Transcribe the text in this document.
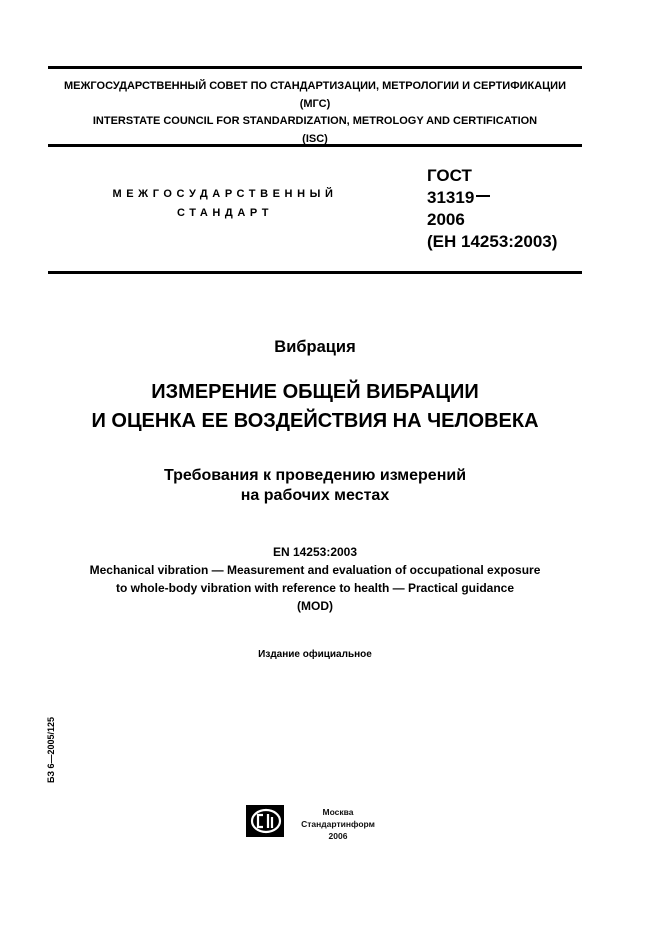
МЕЖГОСУДАРСТВЕННЫЙ СОВЕТ ПО СТАНДАРТИЗАЦИИ, МЕТРОЛОГИИ И СЕРТИФИКАЦИИ
(МГС)
INTERSTATE COUNCIL FOR STANDARDIZATION, METROLOGY AND CERTIFICATION
(ISC)
МЕЖГОСУДАРСТВЕННЫЙ
СТАНДАРТ
ГОСТ
31319
2006
(ЕН 14253:2003)
Вибрация
ИЗМЕРЕНИЕ ОБЩЕЙ ВИБРАЦИИ
И ОЦЕНКА ЕЕ ВОЗДЕЙСТВИЯ НА ЧЕЛОВЕКА
Требования к проведению измерений
на рабочих местах
EN 14253:2003
Mechanical vibration — Measurement and evaluation of occupational exposure
to whole-body vibration with reference to health — Practical guidance
(MOD)
Издание официальное
БЗ 6—2005/125
Москва
Стандартинформ
2006
